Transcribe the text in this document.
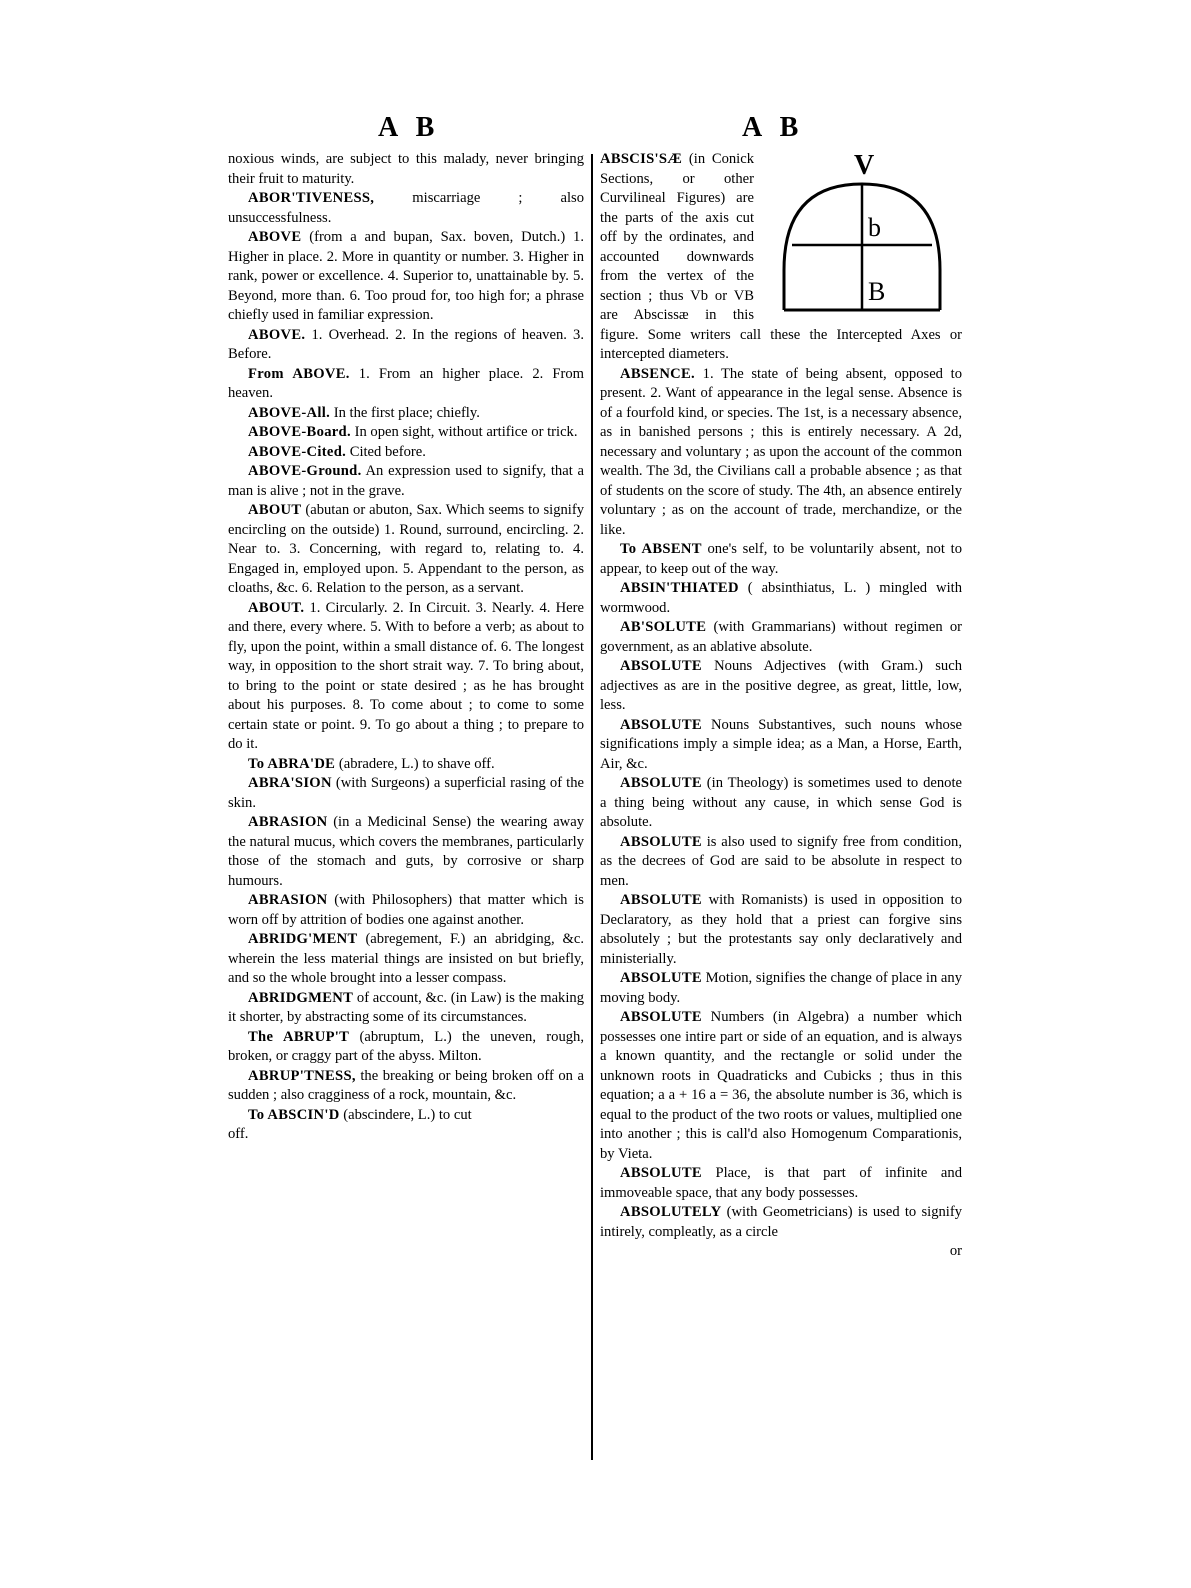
A B	A B

noxious winds, are subject to this malady, never bringing their fruit to maturity.

ABOR'TIVENESS, miscarriage ; also unsuccessfulness.

ABOVE (from a and bupan, Sax. boven, Dutch.) 1. Higher in place. 2. More in quantity or number. 3. Higher in rank, power or excellence. 4. Superior to, unattainable by. 5. Beyond, more than. 6. Too proud for, too high for; a phrase chiefly used in familiar expression.

ABOVE. 1. Overhead. 2. In the regions of heaven. 3. Before.

From ABOVE. 1. From an higher place. 2. From heaven.

ABOVE-All. In the first place; chiefly.

ABOVE-Board. In open sight, without artifice or trick.

ABOVE-Cited. Cited before.

ABOVE-Ground. An expression used to signify, that a man is alive ; not in the grave.

ABOUT (abutan or abuton, Sax. Which seems to signify encircling on the outside) 1. Round, surround, encircling. 2. Near to. 3. Concerning, with regard to, relating to. 4. Engaged in, employed upon. 5. Appendant to the person, as cloaths, &c. 6. Relation to the person, as a servant.

ABOUT. 1. Circularly. 2. In Circuit. 3. Nearly. 4. Here and there, every where. 5. With to before a verb; as about to fly, upon the point, within a small distance of. 6. The longest way, in opposition to the short strait way. 7. To bring about, to bring to the point or state desired ; as he has brought about his purposes. 8. To come about ; to come to some certain state or point. 9. To go about a thing ; to prepare to do it.

To ABRA'DE (abradere, L.) to shave off.

ABRA'SION (with Surgeons) a superficial rasing of the skin.

ABRASION (in a Medicinal Sense) the wearing away the natural mucus, which covers the membranes, particularly those of the stomach and guts, by corrosive or sharp humours.

ABRASION (with Philosophers) that matter which is worn off by attrition of bodies one against another.

ABRIDG'MENT (abregement, F.) an abridging, &c. wherein the less material things are insisted on but briefly, and so the whole brought into a lesser compass.

ABRIDGMENT of account, &c. (in Law) is the making it shorter, by abstracting some of its circumstances.

The ABRUP'T (abruptum, L.) the uneven, rough, broken, or craggy part of the abyss. Milton.

ABRUP'TNESS, the breaking or being broken off on a sudden ; also cragginess of a rock, mountain, &c.

To ABSCIN'D (abscindere, L.) to cut

off.

V
b
B

ABSCIS'SÆ (in Conick Sections, or other Curvilineal Figures) are the parts of the axis cut off by the ordinates, and accounted downwards from the vertex of the section ; thus Vb or VB are Abscissæ in this figure. Some writers call these the Intercepted Axes or intercepted diameters.

ABSENCE. 1. The state of being absent, opposed to present. 2. Want of appearance in the legal sense. Absence is of a fourfold kind, or species. The 1st, is a necessary absence, as in banished persons ; this is entirely necessary. A 2d, necessary and voluntary ; as upon the account of the common wealth. The 3d, the Civilians call a probable absence ; as that of students on the score of study. The 4th, an absence entirely voluntary ; as on the account of trade, merchandize, or the like.

To ABSENT one's self, to be voluntarily absent, not to appear, to keep out of the way.

ABSIN'THIATED ( absinthiatus, L. ) mingled with wormwood.

AB'SOLUTE (with Grammarians) without regimen or government, as an ablative absolute.

ABSOLUTE Nouns Adjectives (with Gram.) such adjectives as are in the positive degree, as great, little, low, less.

ABSOLUTE Nouns Substantives, such nouns whose significations imply a simple idea; as a Man, a Horse, Earth, Air, &c.

ABSOLUTE (in Theology) is sometimes used to denote a thing being without any cause, in which sense God is absolute.

ABSOLUTE is also used to signify free from condition, as the decrees of God are said to be absolute in respect to men.

ABSOLUTE with Romanists) is used in opposition to Declaratory, as they hold that a priest can forgive sins absolutely ; but the protestants say only declaratively and ministerially.

ABSOLUTE Motion, signifies the change of place in any moving body.

ABSOLUTE Numbers (in Algebra) a number which possesses one intire part or side of an equation, and is always a known quantity, and the rectangle or solid under the unknown roots in Quadraticks and Cubicks ; thus in this equation; a a + 16 a = 36, the absolute number is 36, which is equal to the product of the two roots or values, multiplied one into another ; this is call'd also Homogenum Comparationis, by Vieta.

ABSOLUTE Place, is that part of infinite and immoveable space, that any body possesses.

ABSOLUTELY (with Geometricians) is used to signify intirely, compleatly, as a circle

or
